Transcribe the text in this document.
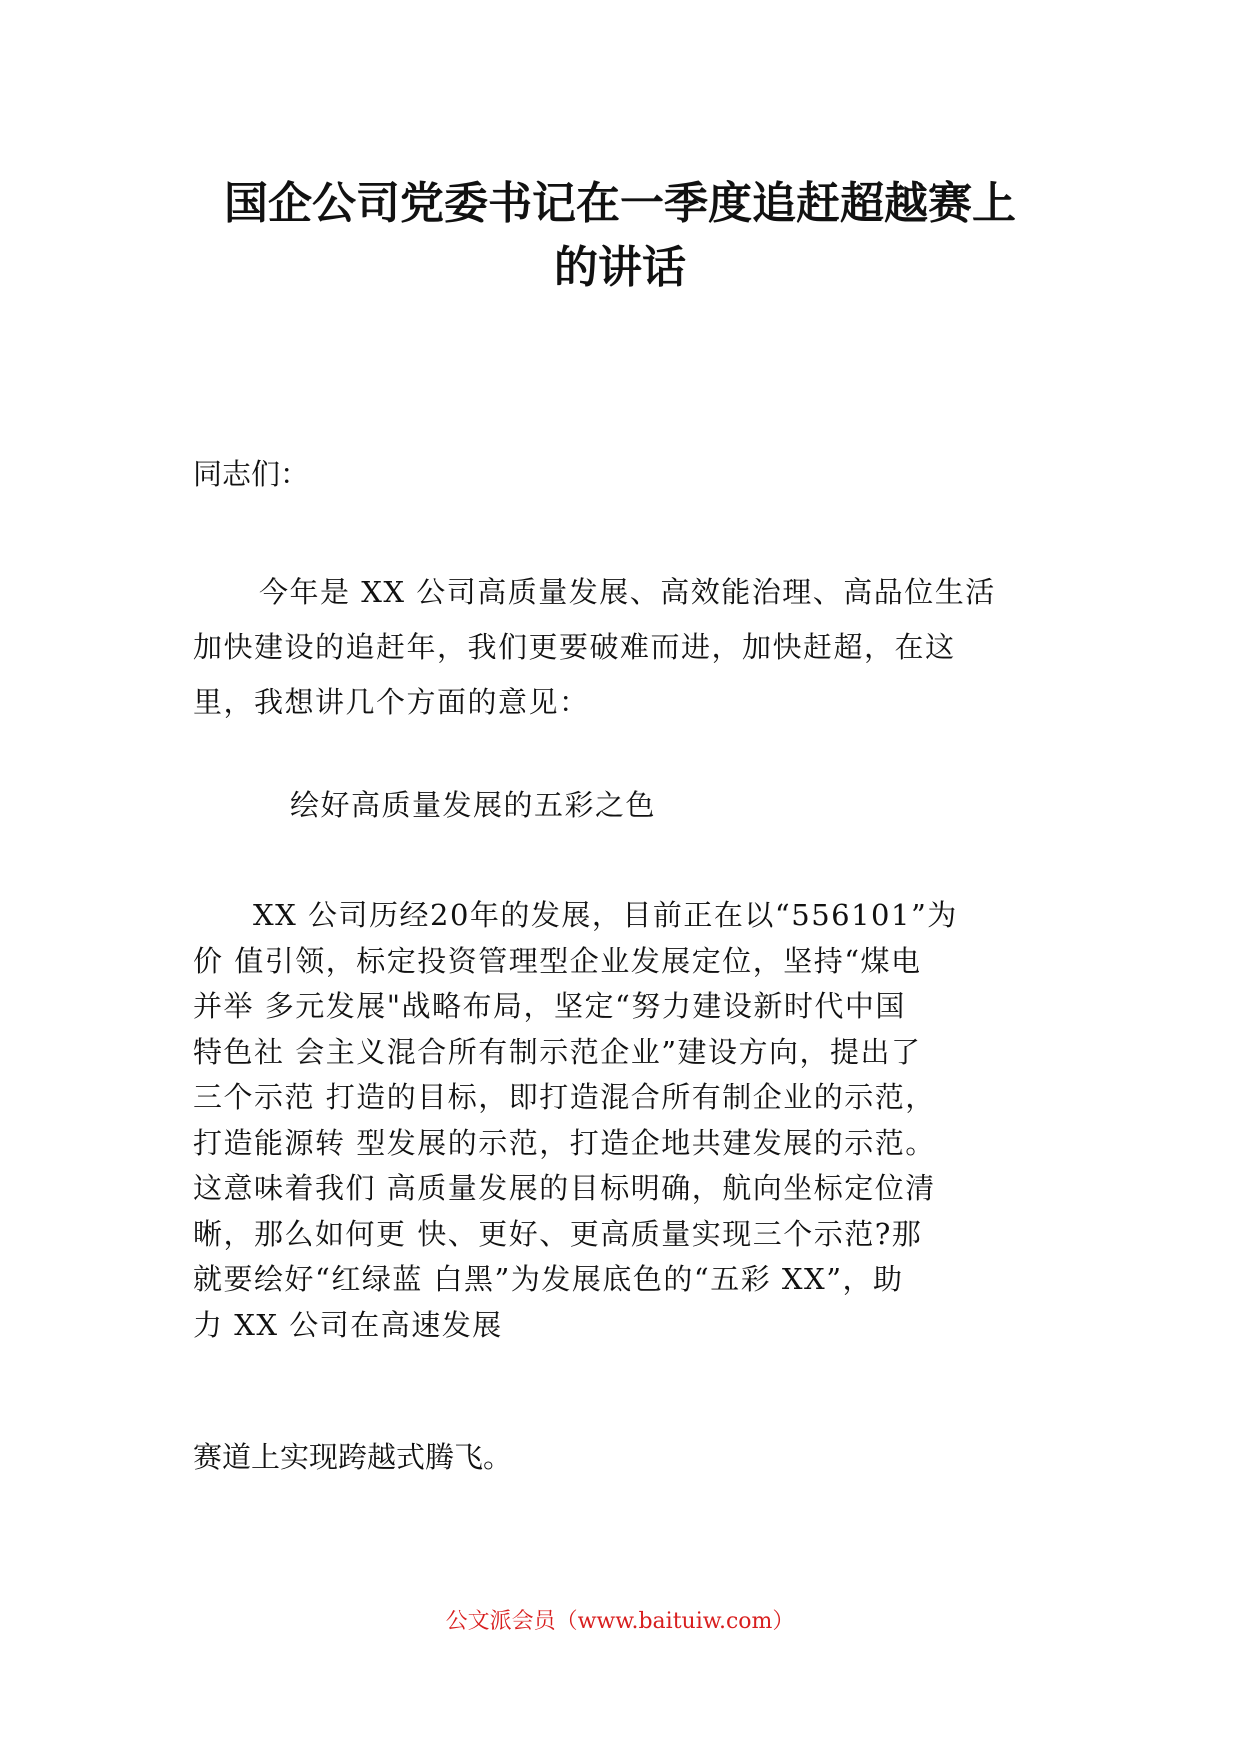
国企公司党委书记在一季度追赶超越赛上
的讲话

同志们：

今年是 XX 公司高质量发展、高效能治理、高品位生活
加快建设的追赶年，我们更要破难而进，加快赶超，在这
里，我想讲几个方面的意见：

绘好高质量发展的五彩之色

XX 公司历经20年的发展，目前正在以“556101”为
价 值引领，标定投资管理型企业发展定位，坚持“煤电
并举 多元发展"战略布局，坚定“努力建设新时代中国
特色社 会主义混合所有制示范企业”建设方向，提出了
三个示范 打造的目标，即打造混合所有制企业的示范，
打造能源转 型发展的示范，打造企地共建发展的示范。
这意味着我们 高质量发展的目标明确，航向坐标定位清
晰，那么如何更 快、更好、更高质量实现三个示范?那
就要绘好“红绿蓝 白黑”为发展底色的“五彩 XX”，助
力 XX 公司在高速发展

赛道上实现跨越式腾飞。

公文派会员（www.baituiw.com）
